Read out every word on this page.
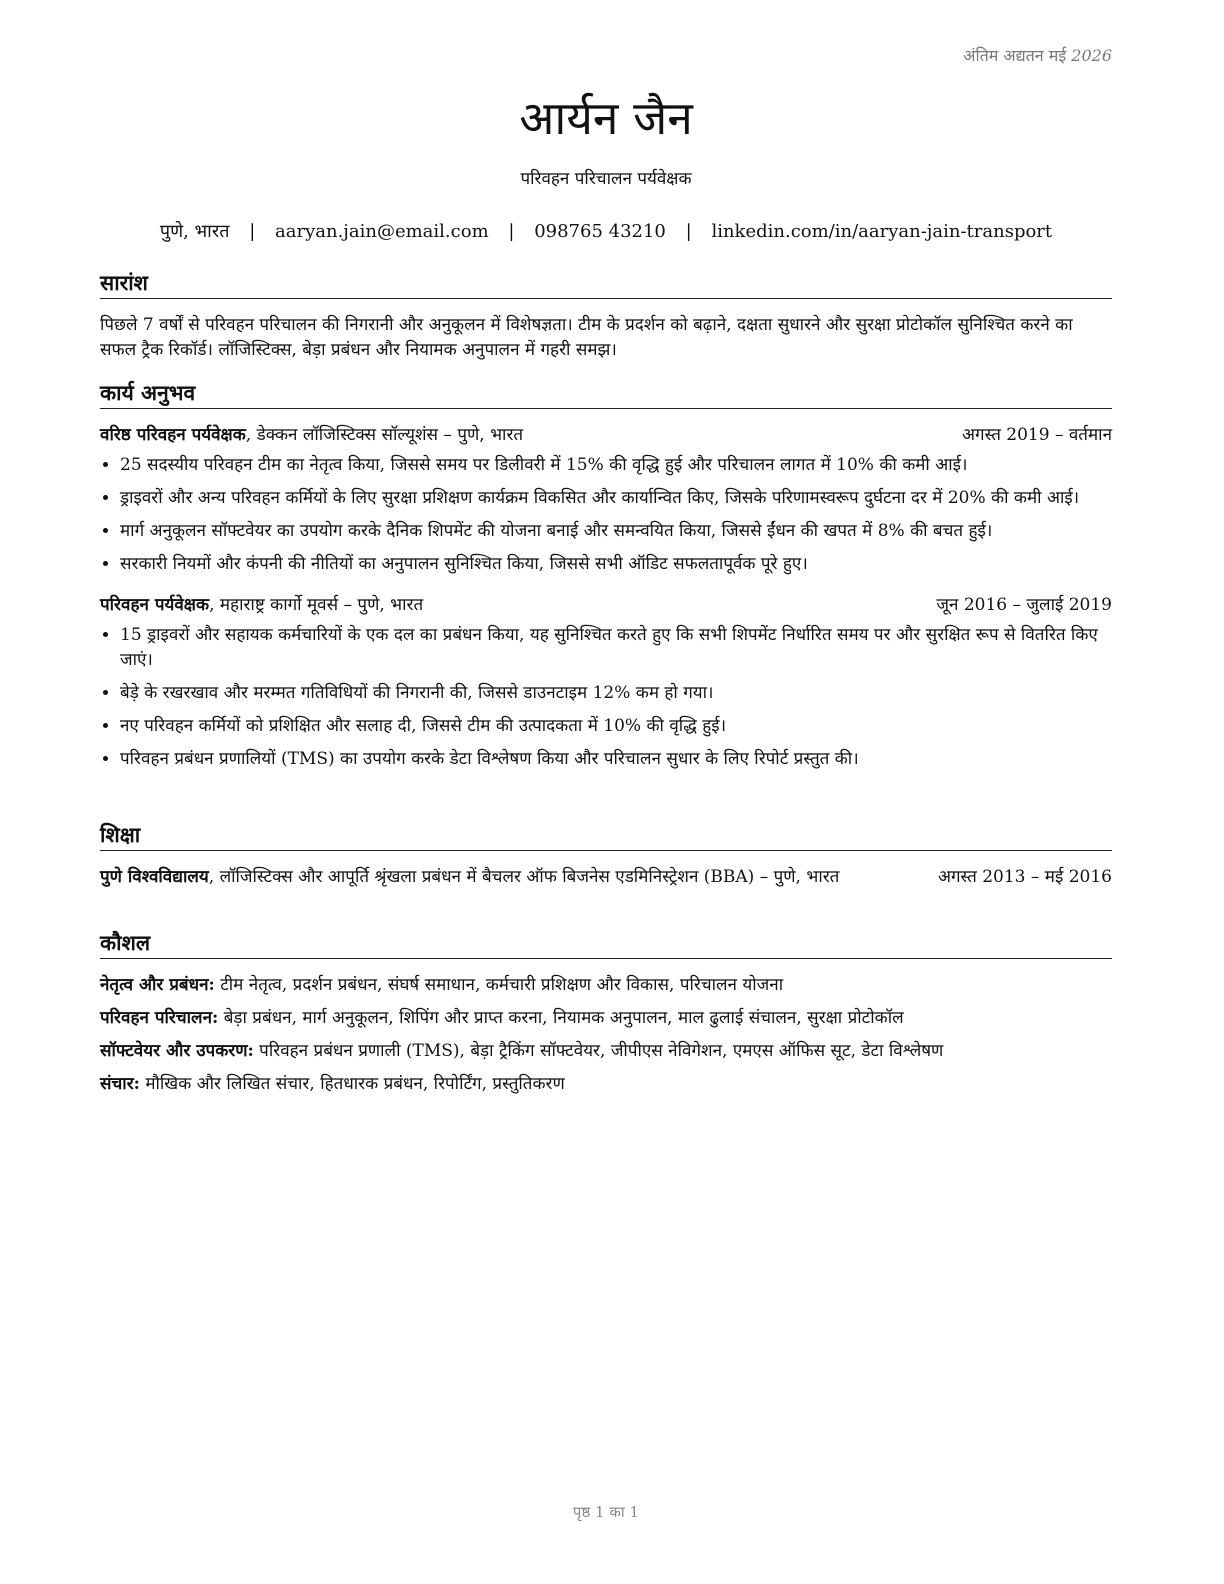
अंतिम अद्यतन मई 2026
आर्यन जैन
परिवहन परिचालन पर्यवेक्षक
पुणे, भारत | aaryan.jain@email.com | 098765 43210 | linkedin.com/in/aaryan-jain-transport
सारांश
पिछले 7 वर्षों से परिवहन परिचालन की निगरानी और अनुकूलन में विशेषज्ञता। टीम के प्रदर्शन को बढ़ाने, दक्षता सुधारने और सुरक्षा प्रोटोकॉल सुनिश्चित करने का सफल ट्रैक रिकॉर्ड। लॉजिस्टिक्स, बेड़ा प्रबंधन और नियामक अनुपालन में गहरी समझ।
कार्य अनुभव
वरिष्ठ परिवहन पर्यवेक्षक, डेक्कन लॉजिस्टिक्स सॉल्यूशंस – पुणे, भारत	अगस्त 2019 – वर्तमान
• 25 सदस्यीय परिवहन टीम का नेतृत्व किया, जिससे समय पर डिलीवरी में 15% की वृद्धि हुई और परिचालन लागत में 10% की कमी आई।
• ड्राइवरों और अन्य परिवहन कर्मियों के लिए सुरक्षा प्रशिक्षण कार्यक्रम विकसित और कार्यान्वित किए, जिसके परिणामस्वरूप दुर्घटना दर में 20% की कमी आई।
• मार्ग अनुकूलन सॉफ्टवेयर का उपयोग करके दैनिक शिपमेंट की योजना बनाई और समन्वयित किया, जिससे ईंधन की खपत में 8% की बचत हुई।
• सरकारी नियमों और कंपनी की नीतियों का अनुपालन सुनिश्चित किया, जिससे सभी ऑडिट सफलतापूर्वक पूरे हुए।
परिवहन पर्यवेक्षक, महाराष्ट्र कार्गो मूवर्स – पुणे, भारत	जून 2016 – जुलाई 2019
• 15 ड्राइवरों और सहायक कर्मचारियों के एक दल का प्रबंधन किया, यह सुनिश्चित करते हुए कि सभी शिपमेंट निर्धारित समय पर और सुरक्षित रूप से वितरित किए जाएं।
• बेड़े के रखरखाव और मरम्मत गतिविधियों की निगरानी की, जिससे डाउनटाइम 12% कम हो गया।
• नए परिवहन कर्मियों को प्रशिक्षित और सलाह दी, जिससे टीम की उत्पादकता में 10% की वृद्धि हुई।
• परिवहन प्रबंधन प्रणालियों (TMS) का उपयोग करके डेटा विश्लेषण किया और परिचालन सुधार के लिए रिपोर्ट प्रस्तुत की।
शिक्षा
पुणे विश्वविद्यालय, लॉजिस्टिक्स और आपूर्ति श्रृंखला प्रबंधन में बैचलर ऑफ बिजनेस एडमिनिस्ट्रेशन (BBA) – पुणे, भारत	अगस्त 2013 – मई 2016
कौशल
नेतृत्व और प्रबंधन: टीम नेतृत्व, प्रदर्शन प्रबंधन, संघर्ष समाधान, कर्मचारी प्रशिक्षण और विकास, परिचालन योजना
परिवहन परिचालन: बेड़ा प्रबंधन, मार्ग अनुकूलन, शिपिंग और प्राप्त करना, नियामक अनुपालन, माल ढुलाई संचालन, सुरक्षा प्रोटोकॉल
सॉफ्टवेयर और उपकरण: परिवहन प्रबंधन प्रणाली (TMS), बेड़ा ट्रैकिंग सॉफ्टवेयर, जीपीएस नेविगेशन, एमएस ऑफिस सूट, डेटा विश्लेषण
संचार: मौखिक और लिखित संचार, हितधारक प्रबंधन, रिपोर्टिंग, प्रस्तुतिकरण
पृष्ठ 1 का 1
